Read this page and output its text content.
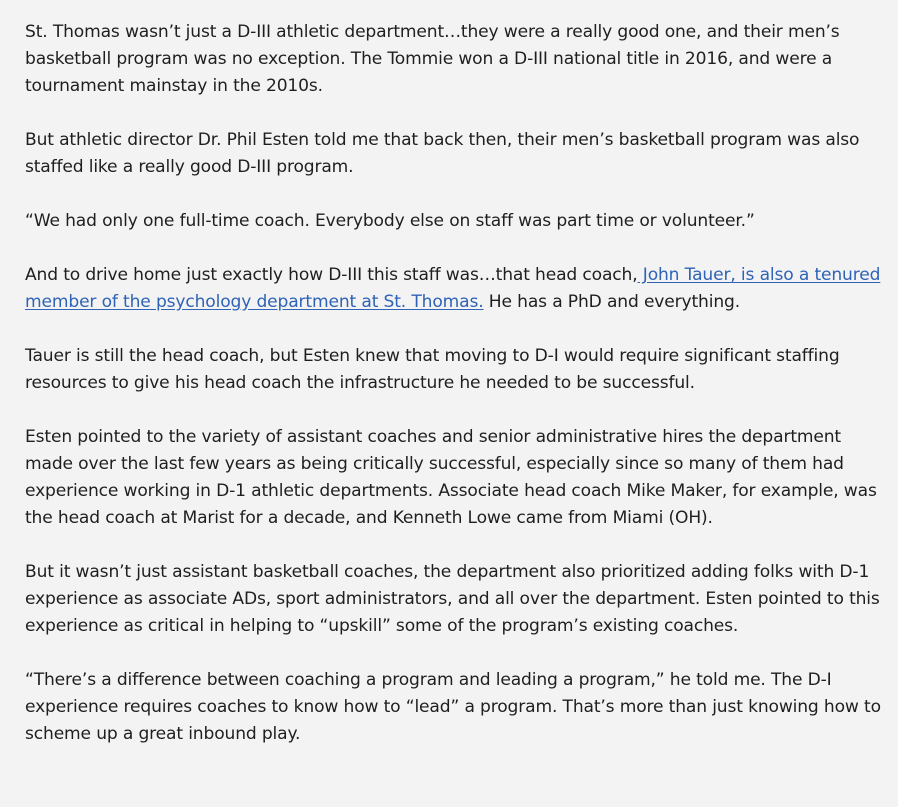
St. Thomas wasn’t just a D-III athletic department…they were a really good one, and their men’s basketball program was no exception. The Tommie won a D-III national title in 2016, and were a tournament mainstay in the 2010s.

But athletic director Dr. Phil Esten told me that back then, their men’s basketball program was also staffed like a really good D-III program.

“We had only one full-time coach. Everybody else on staff was part time or volunteer.”

And to drive home just exactly how D-III this staff was…that head coach, John Tauer, is also a tenured member of the psychology department at St. Thomas. He has a PhD and everything.

Tauer is still the head coach, but Esten knew that moving to D-I would require significant staffing resources to give his head coach the infrastructure he needed to be successful.

Esten pointed to the variety of assistant coaches and senior administrative hires the department made over the last few years as being critically successful, especially since so many of them had experience working in D-1 athletic departments. Associate head coach Mike Maker, for example, was the head coach at Marist for a decade, and Kenneth Lowe came from Miami (OH).

But it wasn’t just assistant basketball coaches, the department also prioritized adding folks with D-1 experience as associate ADs, sport administrators, and all over the department. Esten pointed to this experience as critical in helping to “upskill” some of the program’s existing coaches.

“There’s a difference between coaching a program and leading a program,” he told me. The D-I experience requires coaches to know how to “lead” a program. That’s more than just knowing how to scheme up a great inbound play.
